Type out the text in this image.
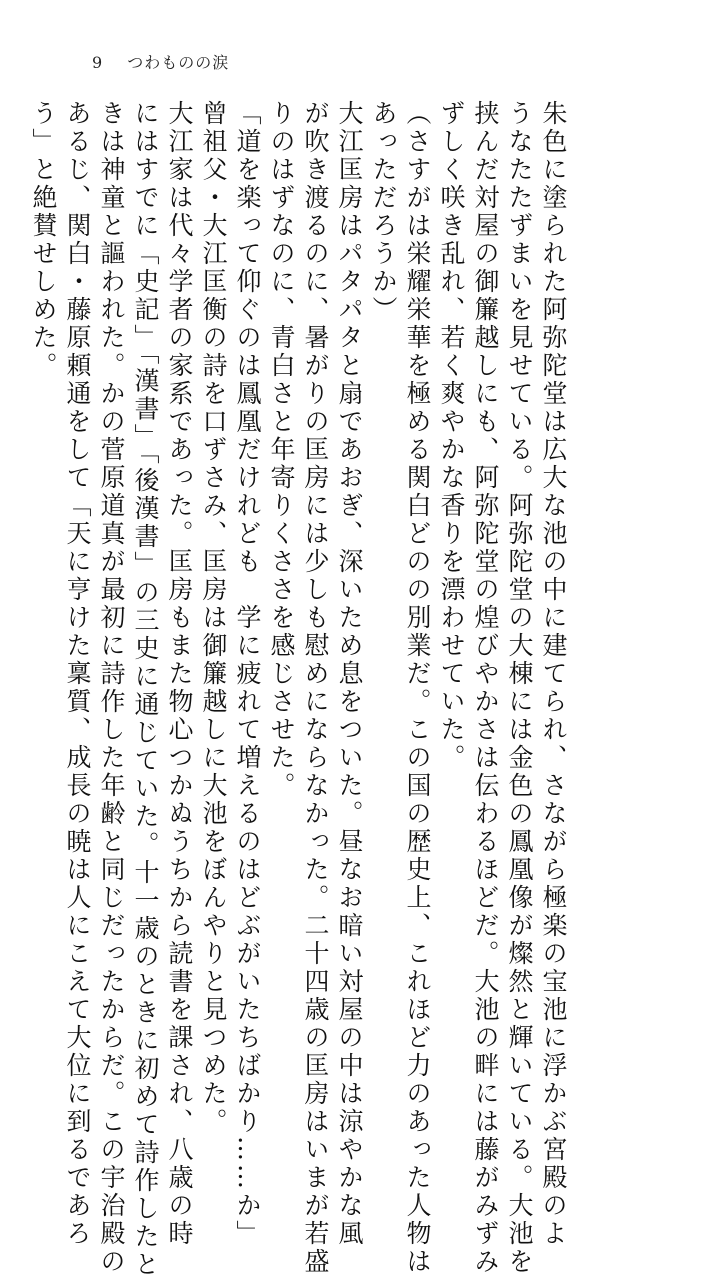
9 つわものの涙

朱色に塗られた阿弥陀堂は広大な池の中に建てられ、さながら極楽の宝池に浮かぶ宮殿のよ

うなたたずまいを見せている。阿弥陀堂の大棟には金色の鳳凰像が燦然と輝いている。大池を

挟んだ対屋の御簾越しにも、阿弥陀堂の煌びやかさは伝わるほどだ。大池の畔には藤がみずみ

ずしく咲き乱れ、若く爽やかな香りを漂わせていた。

（さすがは栄耀栄華を極める関白どのの別業だ。この国の歴史上、これほど力のあった人物は

あっただろうか）

大江匡房はパタパタと扇であおぎ、深いため息をついた。昼なお暗い対屋の中は涼やかな風

が吹き渡るのに、暑がりの匡房には少しも慰めにならなかった。二十四歳の匡房はいまが若盛

りのはずなのに、青白さと年寄りくささを感じさせた。

「道を楽って仰ぐのは鳳凰だけれども　学に疲れて増えるのはどぶがいたちばかり……か」

曾祖父・大江匡衡の詩を口ずさみ、匡房は御簾越しに大池をぼんやりと見つめた。

大江家は代々学者の家系であった。匡房もまた物心つかぬうちから読書を課され、八歳の時

にはすでに「史記」「漢書」「後漢書」の三史に通じていた。十一歳のときに初めて詩作したと

きは神童と謳われた。かの菅原道真が最初に詩作した年齢と同じだったからだ。この宇治殿の

あるじ、関白・藤原頼通をして「天に亨けた稟質、成長の暁は人にこえて大位に到るであろ

う」と絶賛せしめた。
